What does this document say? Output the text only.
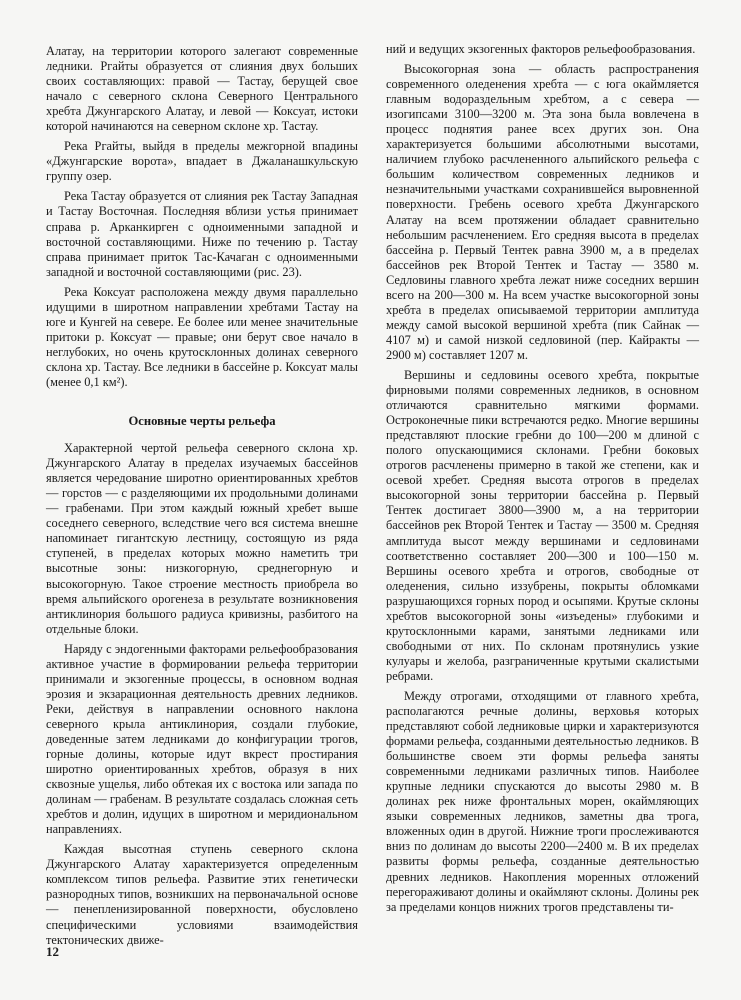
Алатау, на территории которого залегают современные ледники. Ргайты образуется от слияния двух больших своих составляющих: правой — Тастау, берущей свое начало с северного склона Северного Центрального хребта Джунгарского Алатау, и левой — Коксуат, истоки которой начинаются на северном склоне хр. Тастау.

Река Ргайты, выйдя в пределы межгорной впадины «Джунгарские ворота», впадает в Джаланашкульскую группу озер.

Река Тастау образуется от слияния рек Тастау Западная и Тастау Восточная. Последняя вблизи устья принимает справа р. Арканкирген с одноименными западной и восточной составляющими. Ниже по течению р. Тастау справа принимает приток Тас-Качаган с одноименными западной и восточной составляющими (рис. 23).

Река Коксуат расположена между двумя параллельно идущими в широтном направлении хребтами Тастау на юге и Кунгей на севере. Ее более или менее значительные притоки р. Коксуат — правые; они берут свое начало в неглубоких, но очень крутосклонных долинах северного склона хр. Тастау. Все ледники в бассейне р. Коксуат малы (менее 0,1 км²).

Основные черты рельефа

Характерной чертой рельефа северного склона хр. Джунгарского Алатау в пределах изучаемых бассейнов является чередование широтно ориентированных хребтов — горстов — с разделяющими их продольными долинами — грабенами. При этом каждый южный хребет выше соседнего северного, вследствие чего вся система внешне напоминает гигантскую лестницу, состоящую из ряда ступеней, в пределах которых можно наметить три высотные зоны: низкогорную, среднегорную и высокогорную. Такое строение местность приобрела во время альпийского орогенеза в результате возникновения антиклинория большого радиуса кривизны, разбитого на отдельные блоки.

Наряду с эндогенными факторами рельефообразования активное участие в формировании рельефа территории принимали и экзогенные процессы, в основном водная эрозия и экзарационная деятельность древних ледников. Реки, действуя в направлении основного наклона северного крыла антиклинория, создали глубокие, доведенные затем ледниками до конфигурации трогов, горные долины, которые идут вкрест простирания широтно ориентированных хребтов, образуя в них сквозные ущелья, либо обтекая их с востока или запада по долинам — грабенам. В результате создалась сложная сеть хребтов и долин, идущих в широтном и меридиональном направлениях.

Каждая высотная ступень северного склона Джунгарского Алатау характеризуется определенным комплексом типов рельефа. Развитие этих генетически разнородных типов, возникших на первоначальной основе — пенепленизированной поверхности, обусловлено специфическими условиями взаимодействия тектонических движе-

ний и ведущих экзогенных факторов рельефообразования.

Высокогорная зона — область распространения современного оледенения хребта — с юга окаймляется главным водораздельным хребтом, а с севера — изогипсами 3100—3200 м. Эта зона была вовлечена в процесс поднятия ранее всех других зон. Она характеризуется большими абсолютными высотами, наличием глубоко расчлененного альпийского рельефа с большим количеством современных ледников и незначительными участками сохранившейся выровненной поверхности. Гребень осевого хребта Джунгарского Алатау на всем протяжении обладает сравнительно небольшим расчленением. Его средняя высота в пределах бассейна р. Первый Тентек равна 3900 м, а в пределах бассейнов рек Второй Тентек и Тастау — 3580 м. Седловины главного хребта лежат ниже соседних вершин всего на 200—300 м. На всем участке высокогорной зоны хребта в пределах описываемой территории амплитуда между самой высокой вершиной хребта (пик Сайнак — 4107 м) и самой низкой седловиной (пер. Кайракты — 2900 м) составляет 1207 м.

Вершины и седловины осевого хребта, покрытые фирновыми полями современных ледников, в основном отличаются сравнительно мягкими формами. Остроконечные пики встречаются редко. Многие вершины представляют плоские гребни до 100—200 м длиной с полого опускающимися склонами. Гребни боковых отрогов расчленены примерно в такой же степени, как и осевой хребет. Средняя высота отрогов в пределах высокогорной зоны территории бассейна р. Первый Тентек достигает 3800—3900 м, а на территории бассейнов рек Второй Тентек и Тастау — 3500 м. Средняя амплитуда высот между вершинами и седловинами соответственно составляет 200—300 и 100—150 м. Вершины осевого хребта и отрогов, свободные от оледенения, сильно иззубрены, покрыты обломками разрушающихся горных пород и осыпями. Крутые склоны хребтов высокогорной зоны «изъедены» глубокими и крутосклонными карами, занятыми ледниками или свободными от них. По склонам протянулись узкие кулуары и желоба, разграниченные крутыми скалистыми ребрами.

Между отрогами, отходящими от главного хребта, располагаются речные долины, верховья которых представляют собой ледниковые цирки и характеризуются формами рельефа, созданными деятельностью ледников. В большинстве своем эти формы рельефа заняты современными ледниками различных типов. Наиболее крупные ледники спускаются до высоты 2980 м. В долинах рек ниже фронтальных морен, окаймляющих языки современных ледников, заметны два трога, вложенных один в другой. Нижние троги прослеживаются вниз по долинам до высоты 2200—2400 м. В их пределах развиты формы рельефа, созданные деятельностью древних ледников. Накопления моренных отложений перегораживают долины и окаймляют склоны. Долины рек за пределами концов нижних трогов представлены ти-

12
